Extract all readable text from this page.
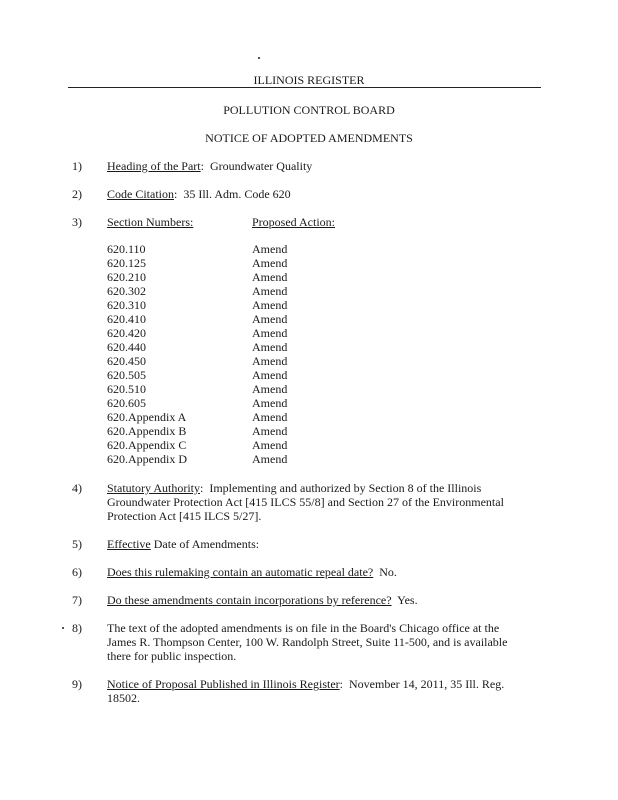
ILLINOIS REGISTER
POLLUTION CONTROL BOARD
NOTICE OF ADOPTED AMENDMENTS
1) Heading of the Part:  Groundwater Quality
2) Code Citation:  35 Ill. Adm. Code 620
3) Section Numbers:	Proposed Action:
620.110	Amend
620.125	Amend
620.210	Amend
620.302	Amend
620.310	Amend
620.410	Amend
620.420	Amend
620.440	Amend
620.450	Amend
620.505	Amend
620.510	Amend
620.605	Amend
620.Appendix A	Amend
620.Appendix B	Amend
620.Appendix C	Amend
620.Appendix D	Amend
4) Statutory Authority:  Implementing and authorized by Section 8 of the Illinois Groundwater Protection Act [415 ILCS 55/8] and Section 27 of the Environmental Protection Act [415 ILCS 5/27].
5) Effective Date of Amendments:
6) Does this rulemaking contain an automatic repeal date? No.
7) Do these amendments contain incorporations by reference? Yes.
8) The text of the adopted amendments is on file in the Board's Chicago office at the James R. Thompson Center, 100 W. Randolph Street, Suite 11-500, and is available there for public inspection.
9) Notice of Proposal Published in Illinois Register:  November 14, 2011, 35 Ill. Reg. 18502.
